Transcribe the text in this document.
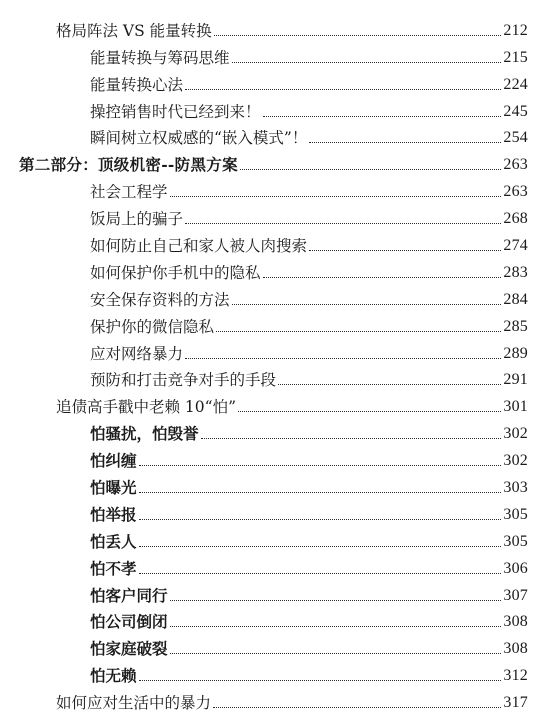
格局阵法 VS 能量转换	212
能量转换与筹码思维	215
能量转换心法	224
操控销售时代已经到来！	245
瞬间树立权威感的“嵌入模式”！	254
第二部分：顶级机密--防黑方案	263
社会工程学	263
饭局上的骗子	268
如何防止自己和家人被人肉搜索	274
如何保护你手机中的隐私	283
安全保存资料的方法	284
保护你的微信隐私	285
应对网络暴力	289
预防和打击竞争对手的手段	291
追债高手戳中老赖 10“怕”	301
怕骚扰，怕毁誉	302
怕纠缠	302
怕曝光	303
怕举报	305
怕丢人	305
怕不孝	306
怕客户同行	307
怕公司倒闭	308
怕家庭破裂	308
怕无赖	312
如何应对生活中的暴力	317
